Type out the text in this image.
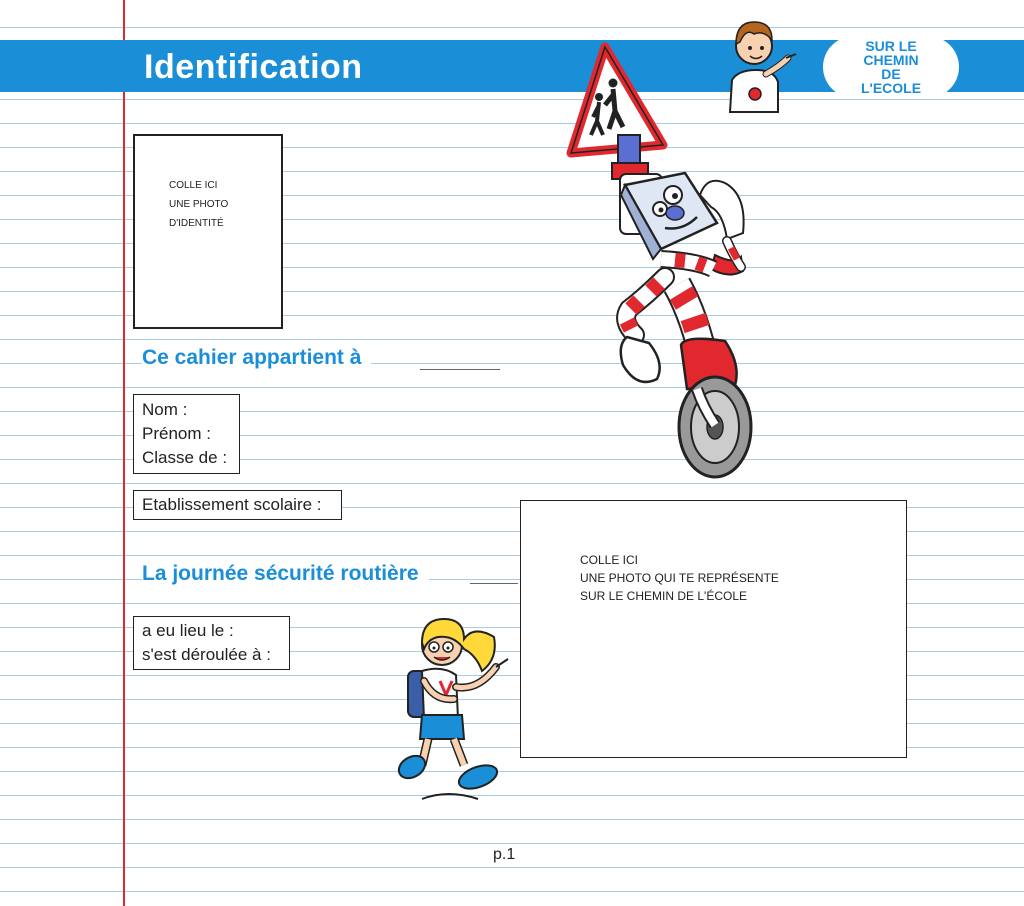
Identification
SUR LE
CHEMIN
DE
L'ECOLE
COLLE ICI
UNE PHOTO
D'IDENTITÉ
Ce cahier appartient à
Nom :
Prénom :
Classe de :
Etablissement scolaire :
La journée sécurité routière
a eu lieu le :
s'est déroulée à :
COLLE ICI
UNE PHOTO QUI TE REPRÉSENTE
SUR LE CHEMIN DE L'ÉCOLE
p.1
